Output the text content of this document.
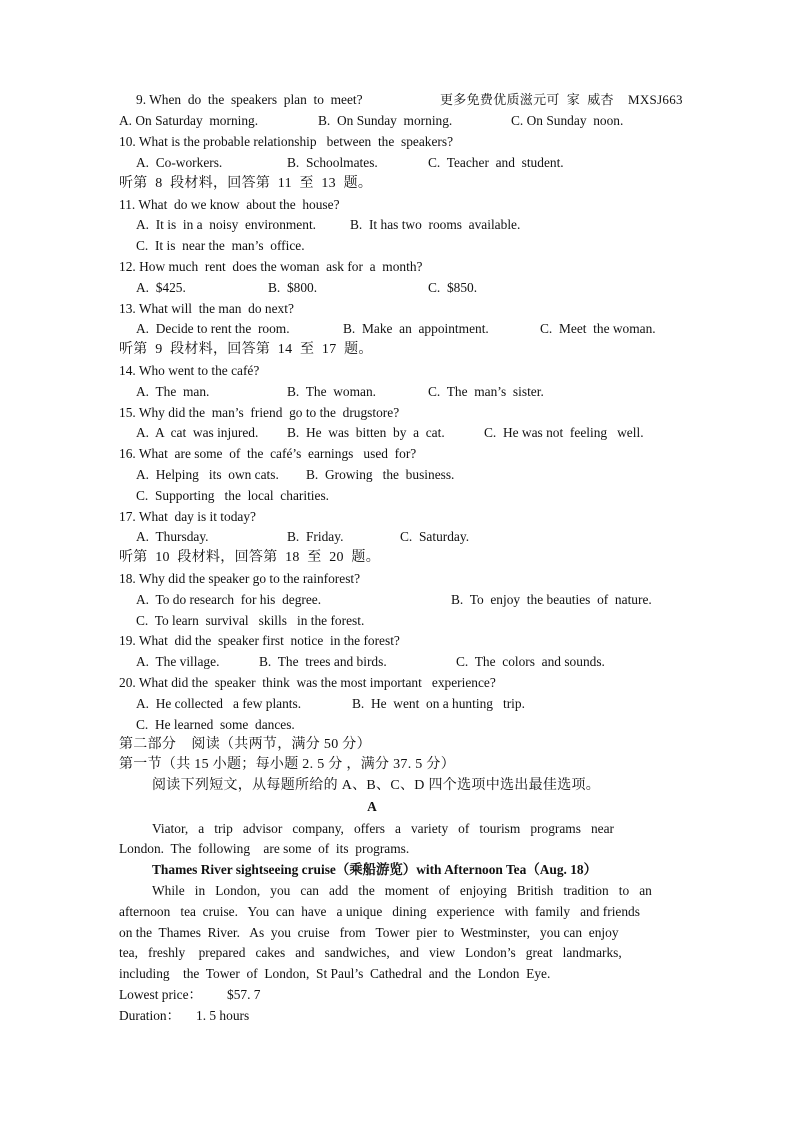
9. When  do  the  speakers  plan  to  meet?	更多免费优质滋元可  家  威杏    MXSJ663
A. On Saturday  morning.	B.  On Sunday  morning.	C. On Sunday  noon.
10. What is the probable relationship   between  the  speakers?
A.  Co-workers.	B.  Schoolmates.	C.  Teacher  and  student.
听第  8  段材料，回答第  11  至  13  题。
11. What  do we know  about the  house?
A.  It is  in a  noisy  environment.	B.  It has two  rooms  available.
C.  It is  near the  man’s  office.
12. How much  rent  does the woman  ask for  a  month?
A.  $425.	B.  $800.	C.  $850.
13. What will  the man  do next?
A.  Decide to rent the  room.	B.  Make  an  appointment.	C.  Meet  the woman.
听第  9  段材料，回答第  14  至  17  题。
14. Who went to the café?
A.  The  man.	B.  The  woman.	C.  The  man’s  sister.
15. Why did the  man’s  friend  go to the  drugstore?
A.  A  cat  was injured. B.  He  was  bitten  by  a  cat.	C.  He was not  feeling   well.
16. What  are some  of  the  café’s  earnings   used  for?
A.  Helping   its  own cats. B.  Growing   the  business.
C.  Supporting   the  local  charities.
17. What  day is it today?
A.  Thursday.	B.  Friday.	C.  Saturday.
听第  10  段材料，回答第  18  至  20  题。
18. Why did the speaker go to the rainforest?
A.  To do research  for his  degree.	B.  To  enjoy  the beauties  of  nature.
C.  To learn  survival   skills   in the forest.
19. What  did the  speaker first  notice  in the forest?
A.  The village.	B.  The  trees and birds.	C.  The  colors  and sounds.
20. What did the  speaker  think  was the most important   experience?
A.  He collected   a few plants.	B.  He  went  on a hunting   trip.
C.  He learned  some  dances.
第二部分    阅读（共两节，满分 50 分）
第一节（共 15 小题；每小题 2. 5 分 ，满分 37. 5 分）
阅读下列短文，从每题所给的 A、B、C、D 四个选项中选出最佳选项。
A
Viator,   a   trip   advisor   company,   offers   a   variety   of   tourism   programs   near
London.  The  following    are some  of  its  programs.
Thames River sightseeing cruise（乘船游览）with Afternoon Tea（Aug. 18）
While   in   London,   you   can   add   the   moment   of   enjoying   British   tradition   to   an
afternoon   tea  cruise.   You  can  have   a unique   dining   experience   with  family   and friends
on the  Thames  River.   As  you  cruise   from   Tower  pier  to  Westminster,   you can  enjoy
tea,   freshly    prepared   cakes   and   sandwiches,   and   view   London’s   great   landmarks,
including    the  Tower  of  London,  St Paul’s  Cathedral  and  the  London  Eye.
Lowest price： $57. 7
Duration： 1. 5 hours
